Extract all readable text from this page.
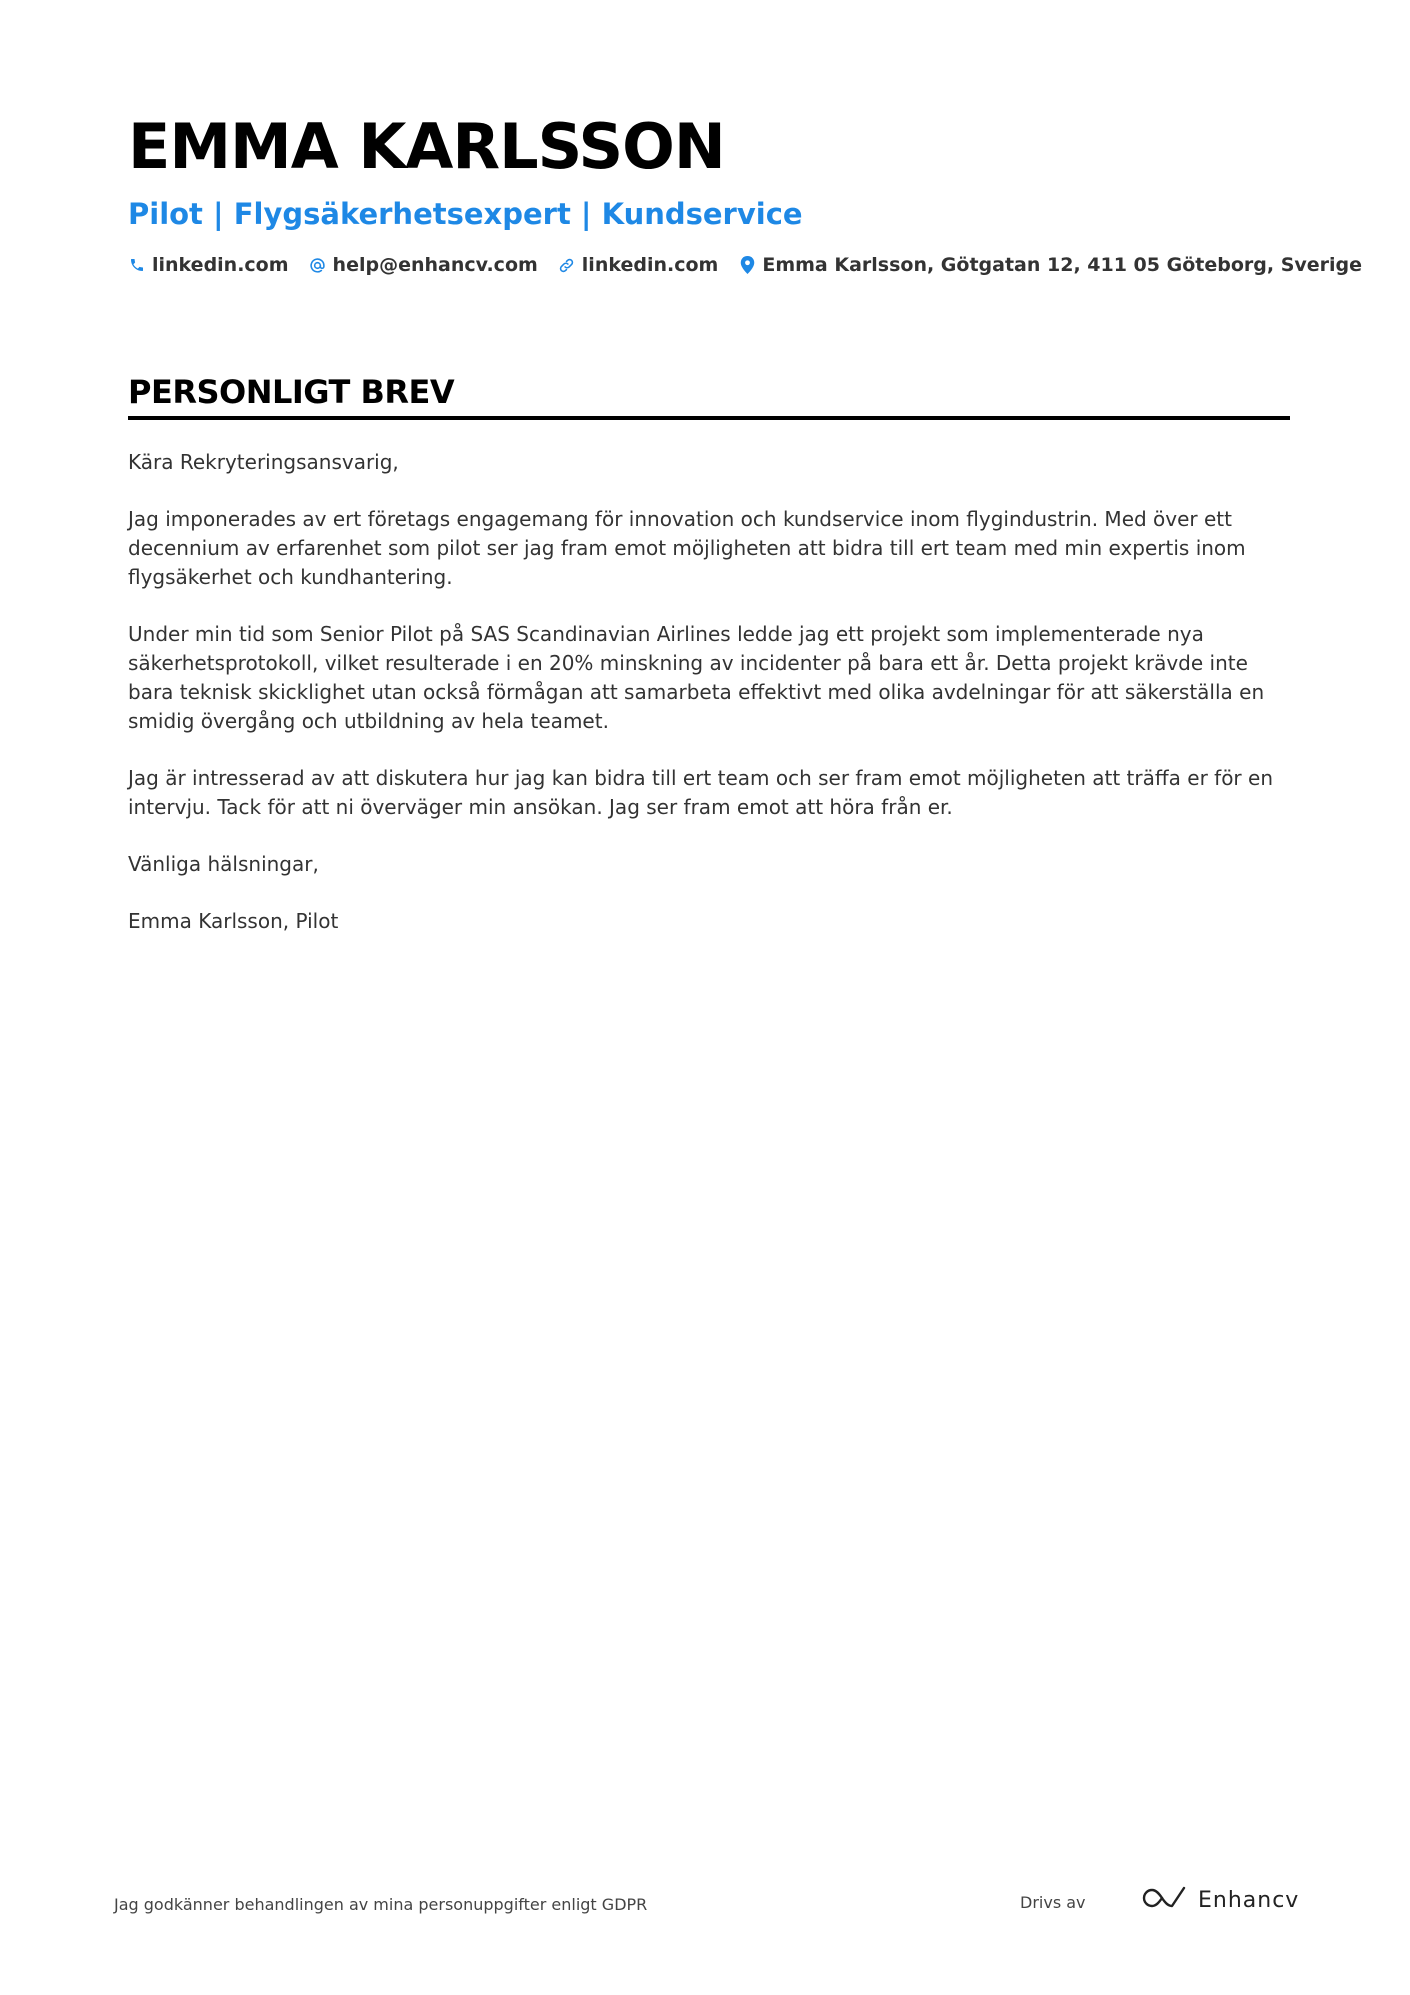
EMMA KARLSSON
Pilot | Flygsäkerhetsexpert | Kundservice
linkedin.com help@enhancv.com linkedin.com Emma Karlsson, Götgatan 12, 411 05 Göteborg, Sverige
PERSONLIGT BREV

Kära Rekryteringsansvarig,

Jag imponerades av ert företags engagemang för innovation och kundservice inom flygindustrin. Med över ett decennium av erfarenhet som pilot ser jag fram emot möjligheten att bidra till ert team med min expertis inom flygsäkerhet och kundhantering.

Under min tid som Senior Pilot på SAS Scandinavian Airlines ledde jag ett projekt som implementerade nya säkerhetsprotokoll, vilket resulterade i en 20% minskning av incidenter på bara ett år. Detta projekt krävde inte bara teknisk skicklighet utan också förmågan att samarbeta effektivt med olika avdelningar för att säkerställa en smidig övergång och utbildning av hela teamet.

Jag är intresserad av att diskutera hur jag kan bidra till ert team och ser fram emot möjligheten att träffa er för en intervju. Tack för att ni överväger min ansökan. Jag ser fram emot att höra från er.

Vänliga hälsningar,

Emma Karlsson, Pilot

Jag godkänner behandlingen av mina personuppgifter enligt GDPR	Drivs av	Enhancv
